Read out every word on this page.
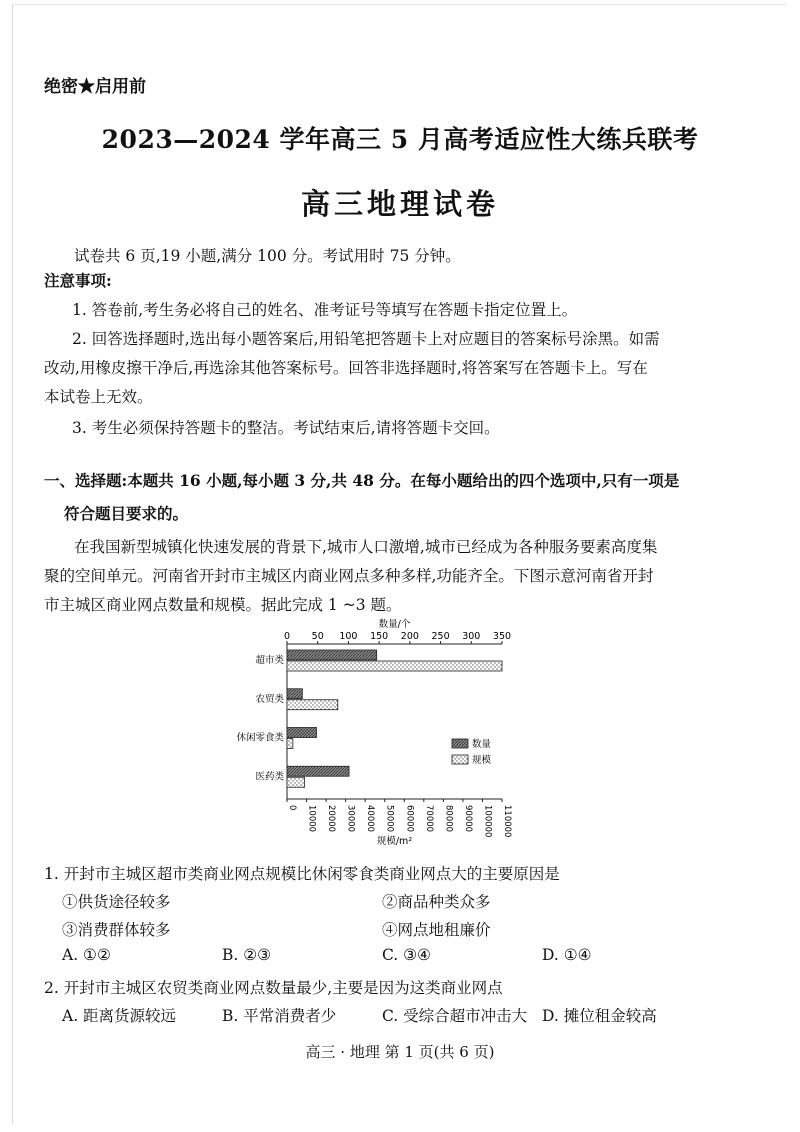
绝密★启用前
2023—2024 学年高三 5 月高考适应性大练兵联考
高三地理试卷
试卷共 6 页,19 小题,满分 100 分。考试用时 75 分钟。
注意事项:
1. 答卷前,考生务必将自己的姓名、准考证号等填写在答题卡指定位置上。
2. 回答选择题时,选出每小题答案后,用铅笔把答题卡上对应题目的答案标号涂黑。如需
改动,用橡皮擦干净后,再选涂其他答案标号。回答非选择题时,将答案写在答题卡上。写在
本试卷上无效。
3. 考生必须保持答题卡的整洁。考试结束后,请将答题卡交回。
一、选择题:本题共 16 小题,每小题 3 分,共 48 分。在每小题给出的四个选项中,只有一项是
符合题目要求的。
在我国新型城镇化快速发展的背景下,城市人口激增,城市已经成为各种服务要素高度集
聚的空间单元。河南省开封市主城区内商业网点多种多样,功能齐全。下图示意河南省开封
市主城区商业网点数量和规模。据此完成 1 ~3 题。
数量/个
0 50 100 150 200 250 300 350
0 10000 20000 30000 40000 50000 60000 70000 80000 90000 100000 110000
规模/m²
超市类
农贸类
休闲零食类
医药类
数量
规模
1. 开封市主城区超市类商业网点规模比休闲零食类商业网点大的主要原因是
①供货途径较多	②商品种类众多
③消费群体较多	④网点地租廉价
A. ①②	B. ②③	C. ③④	D. ①④
2. 开封市主城区农贸类商业网点数量最少,主要是因为这类商业网点
A. 距离货源较远	B. 平常消费者少	C. 受综合超市冲击大 D. 摊位租金较高
高三 · 地理 第 1 页(共 6 页)
